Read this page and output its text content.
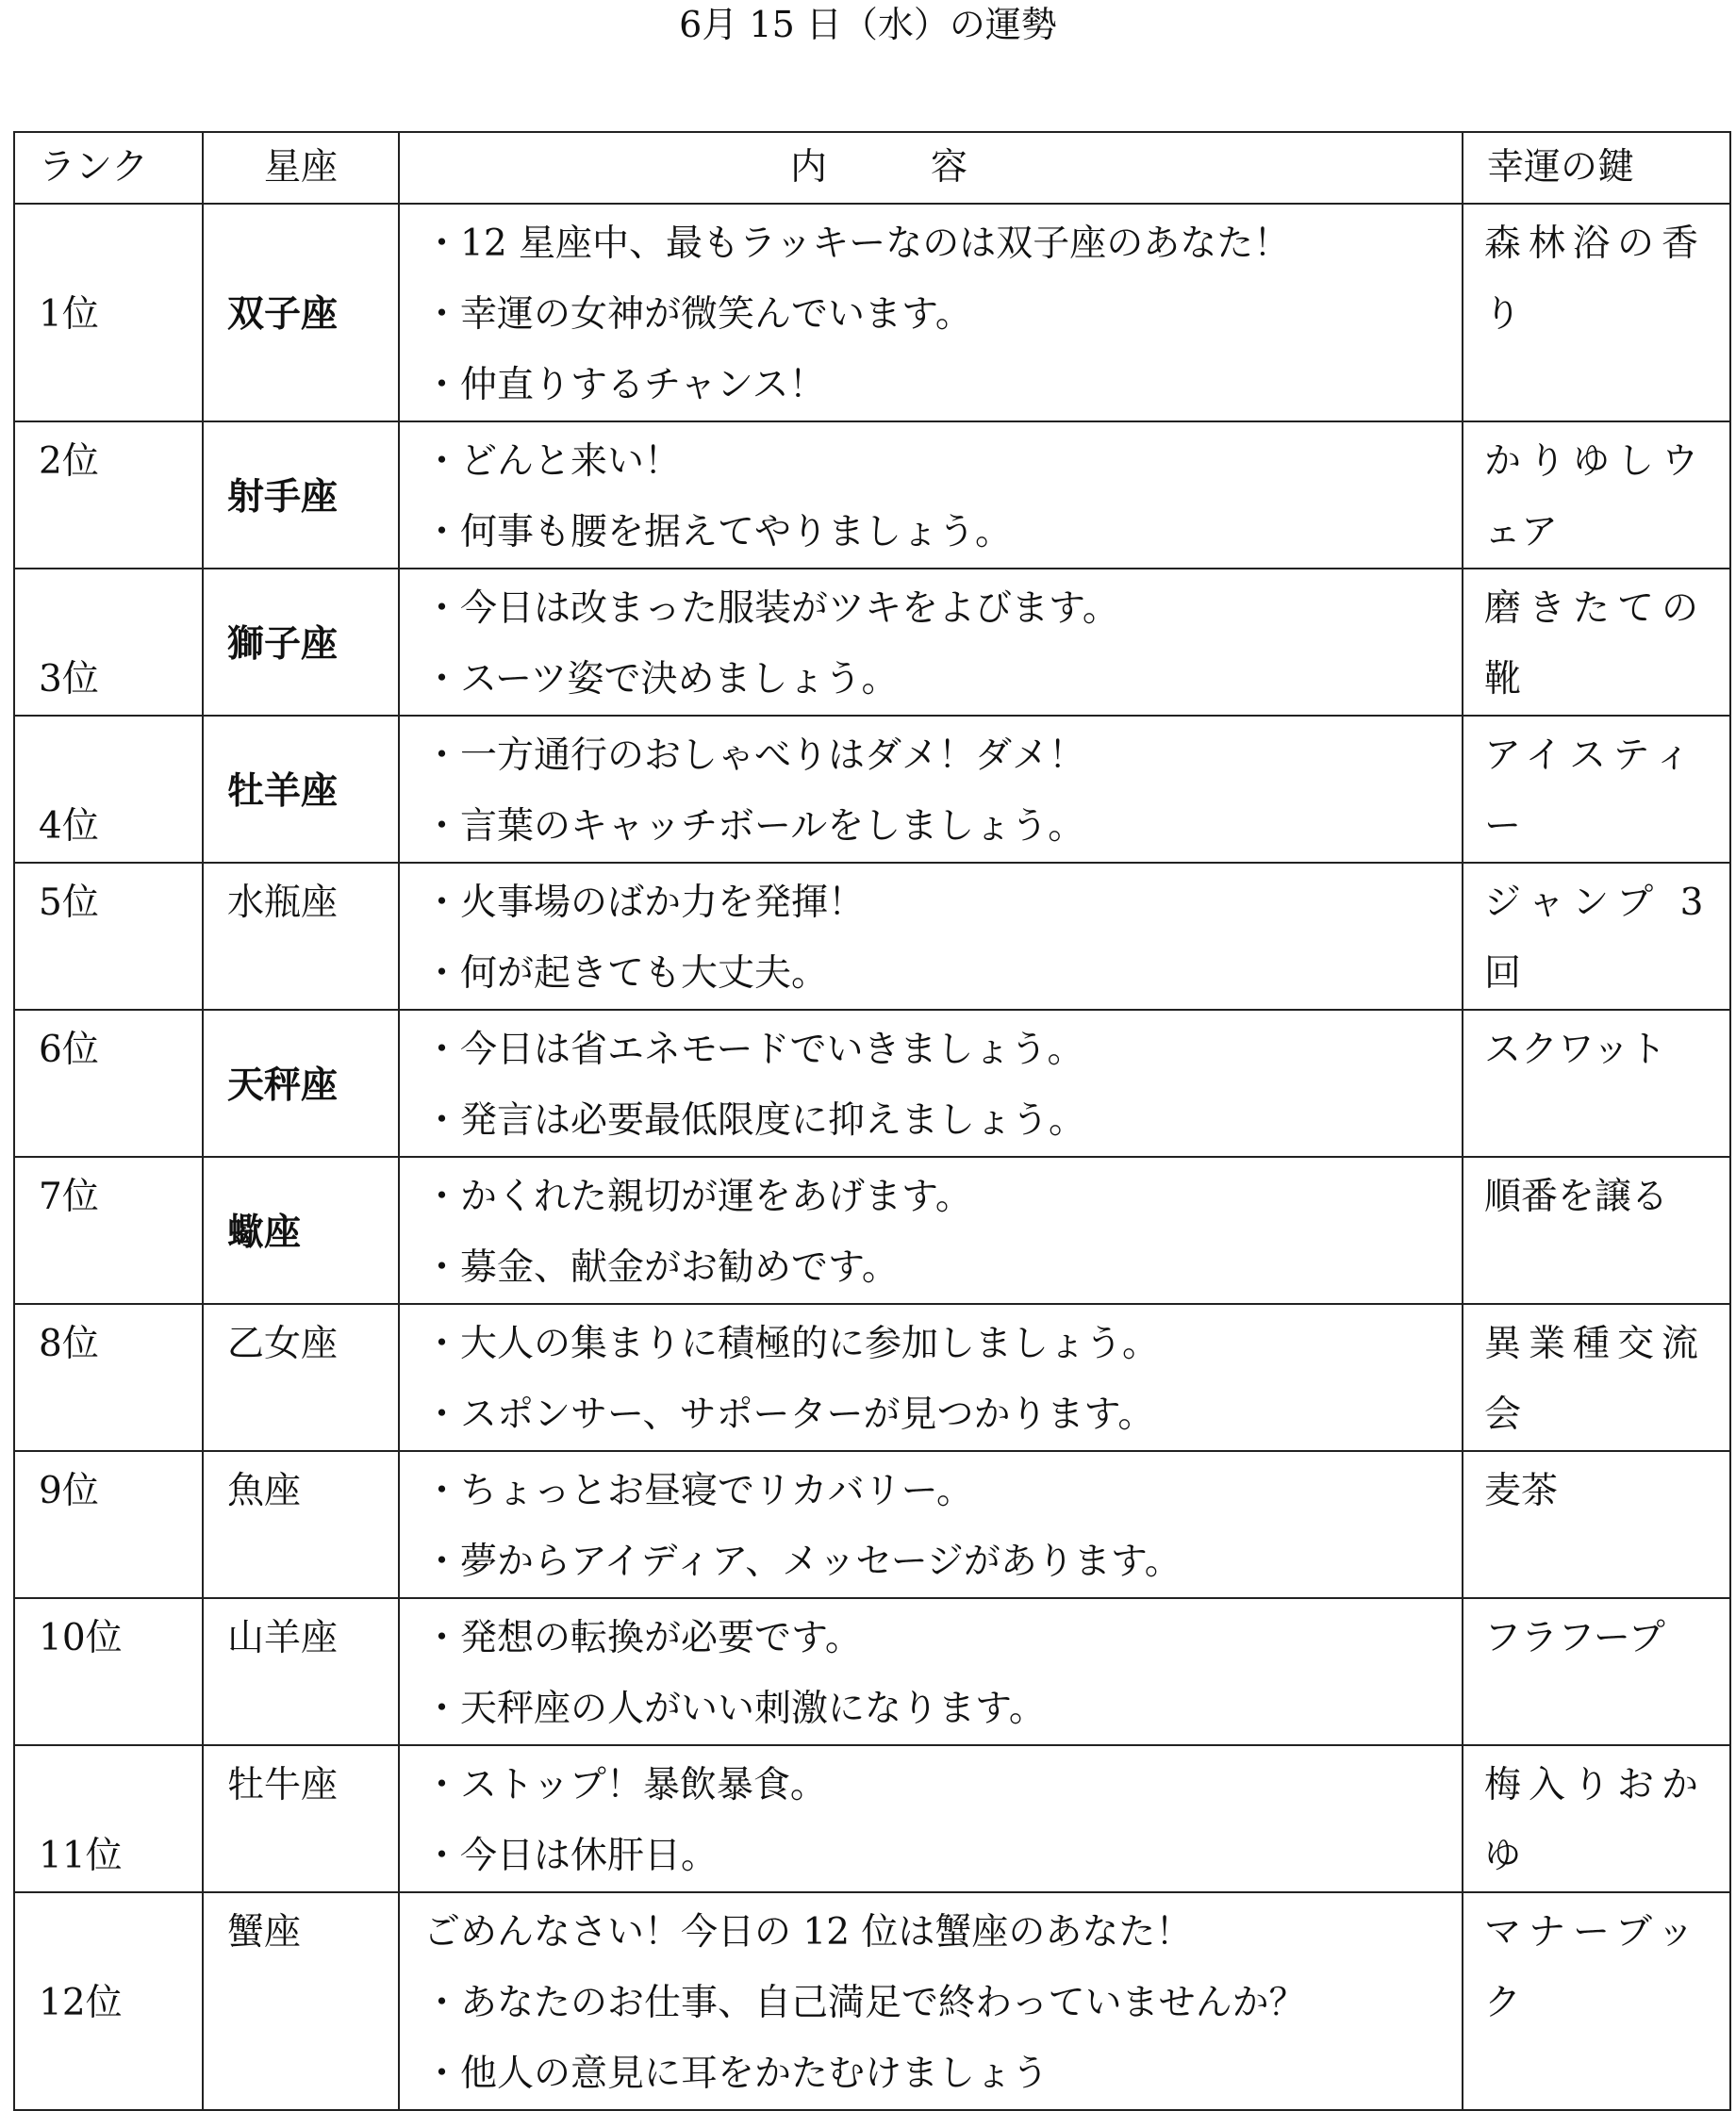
6月 15 日（水）の運勢
ランク	星座	内容	幸運の鍵

1位	双子座	・12 星座中、最もラッキーなのは双子座のあなた！
・幸運の女神が微笑んでいます。
・仲直りするチャンス！	森林浴の香
り

2位	射手座	・どんと来い！
・何事も腰を据えてやりましょう。	かりゆしウ
ェア

3位	獅子座	・今日は改まった服装がツキをよびます。
・スーツ姿で決めましょう。	磨きたての
靴

4位	牡羊座	・一方通行のおしゃべりはダメ！ダメ！
・言葉のキャッチボールをしましょう。	アイスティ
ー

5位	水瓶座	・火事場のばか力を発揮！
・何が起きても大丈夫。	ジャンプ 3
回

6位	天秤座	・今日は省エネモードでいきましょう。
・発言は必要最低限度に抑えましょう。	スクワット

7位	蠍座	・かくれた親切が運をあげます。
・募金、献金がお勧めです。	順番を譲る

8位	乙女座	・大人の集まりに積極的に参加しましょう。
・スポンサー、サポーターが見つかります。	異業種交流
会

9位	魚座	・ちょっとお昼寝でリカバリー。
・夢からアイディア、メッセージがあります。	麦茶

10位	山羊座	・発想の転換が必要です。
・天秤座の人がいい刺激になります。	フラフープ

11位	牡牛座	・ストップ！暴飲暴食。
・今日は休肝日。	梅入りおか
ゆ

12位	蟹座	ごめんなさい！今日の 12 位は蟹座のあなた！
・あなたのお仕事、自己満足で終わっていませんか？
・他人の意見に耳をかたむけましょう	マナーブッ
ク
